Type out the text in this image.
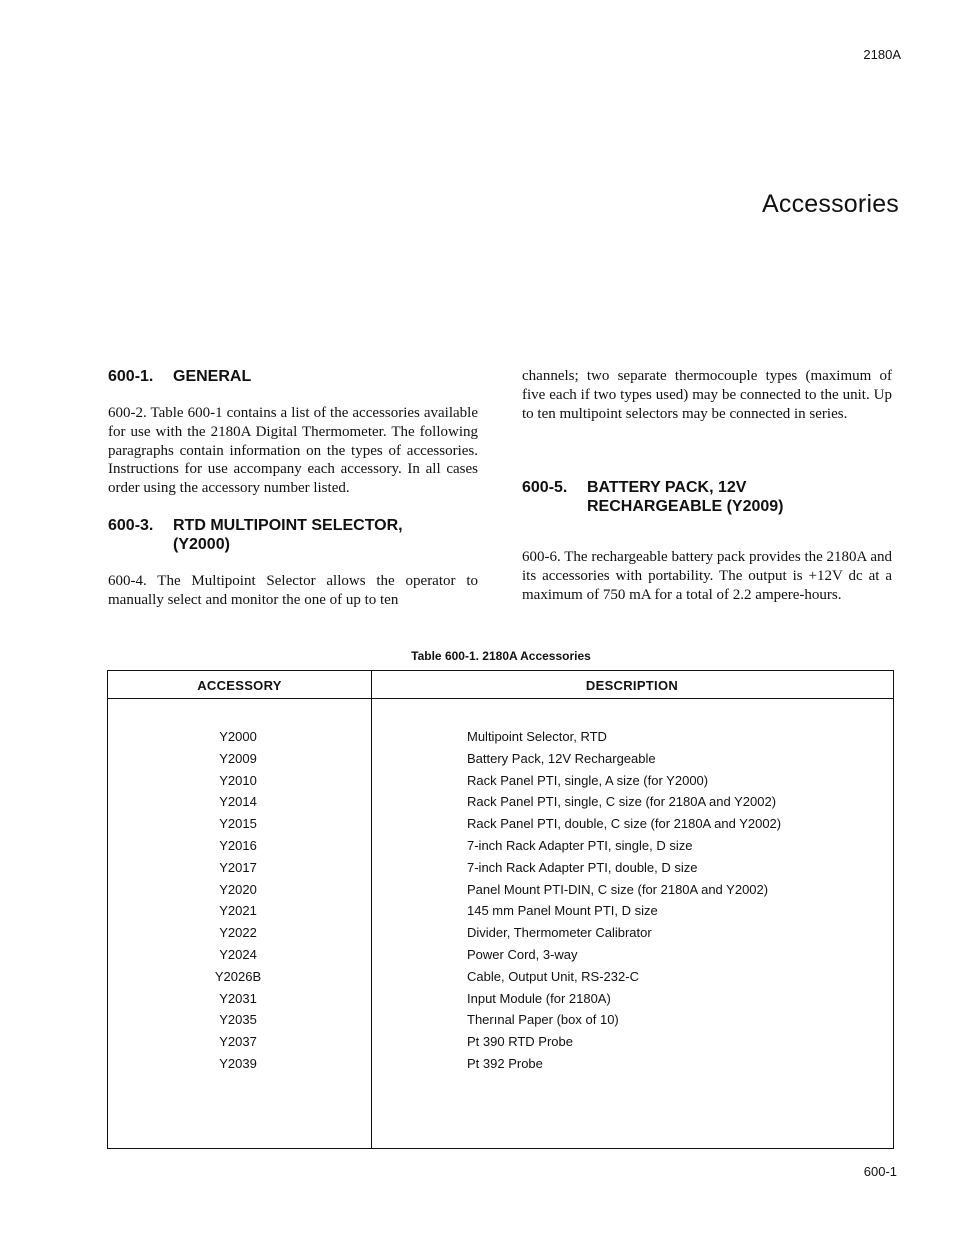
2180A
Accessories
600-1.	GENERAL

600-2. Table 600-1 contains a list of the accessories available for use with the 2180A Digital Thermometer. The following paragraphs contain information on the types of accessories. Instructions for use accompany each accessory. In all cases order using the accessory number listed.

600-3.	RTD MULTIPOINT SELECTOR,
(Y2000)

600-4. The Multipoint Selector allows the operator to manually select and monitor the one of up to ten

channels; two separate thermocouple types (maximum of five each if two types used) may be connected to the unit. Up to ten multipoint selectors may be connected in series.

600-5.	BATTERY PACK, 12V
RECHARGEABLE (Y2009)

600-6. The rechargeable battery pack provides the 2180A and its accessories with portability. The output is +12V dc at a maximum of 750 mA for a total of 2.2 ampere-hours.

Table 600-1. 2180A Accessories
ACCESSORY	DESCRIPTION
Y2000	Multipoint Selector, RTD
Y2009	Battery Pack, 12V Rechargeable
Y2010	Rack Panel PTI, single, A size (for Y2000)
Y2014	Rack Panel PTI, single, C size (for 2180A and Y2002)
Y2015	Rack Panel PTI, double, C size (for 2180A and Y2002)
Y2016	7-inch Rack Adapter PTI, single, D size
Y2017	7-inch Rack Adapter PTI, double, D size
Y2020	Panel Mount PTI-DIN, C size (for 2180A and Y2002)
Y2021	145 mm Panel Mount PTI, D size
Y2022	Divider, Thermometer Calibrator
Y2024	Power Cord, 3-way
Y2026B	Cable, Output Unit, RS-232-C
Y2031	Input Module (for 2180A)
Y2035	Therınal Paper (box of 10)
Y2037	Pt 390 RTD Probe
Y2039	Pt 392 Probe
600-1
